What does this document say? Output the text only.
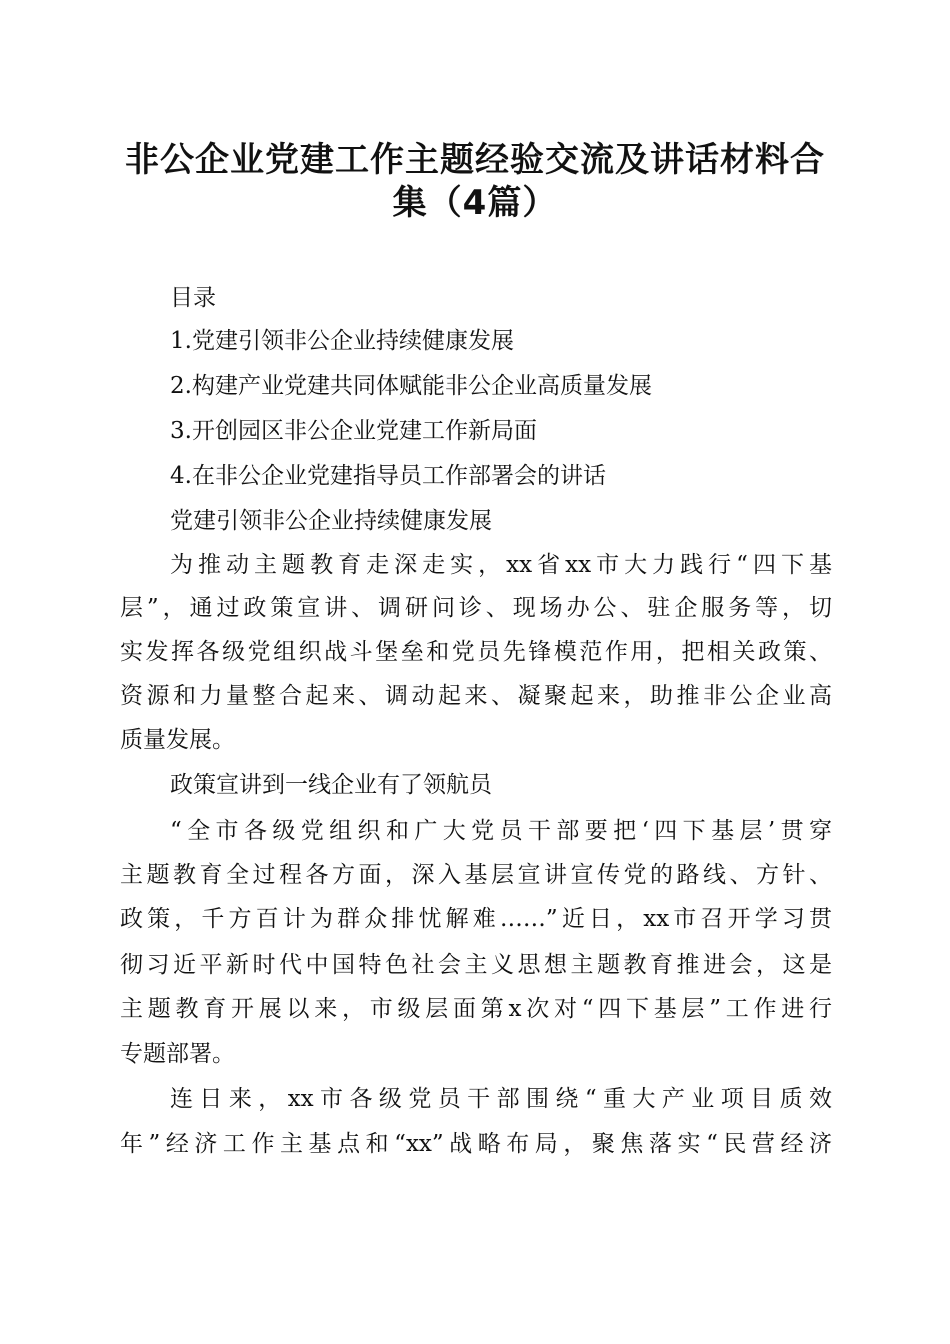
非公企业党建工作主题经验交流及讲话材料合
集（4篇）
目录
1.党建引领非公企业持续健康发展
2.构建产业党建共同体赋能非公企业高质量发展
3.开创园区非公企业党建工作新局面
4.在非公企业党建指导员工作部署会的讲话
党建引领非公企业持续健康发展
为推动主题教育走深走实，xx省xx市大力践行“四下基
层”，通过政策宣讲、调研问诊、现场办公、驻企服务等，切
实发挥各级党组织战斗堡垒和党员先锋模范作用，把相关政策、
资源和力量整合起来、调动起来、凝聚起来，助推非公企业高
质量发展。
政策宣讲到一线企业有了领航员
“全市各级党组织和广大党员干部要把‘四下基层’贯穿
主题教育全过程各方面，深入基层宣讲宣传党的路线、方针、
政策，千方百计为群众排忧解难……”近日，xx市召开学习贯
彻习近平新时代中国特色社会主义思想主题教育推进会，这是
主题教育开展以来，市级层面第x次对“四下基层”工作进行
专题部署。
连日来，xx市各级党员干部围绕“重大产业项目质效
年”经济工作主基点和“xx”战略布局，聚焦落实“民营经济
